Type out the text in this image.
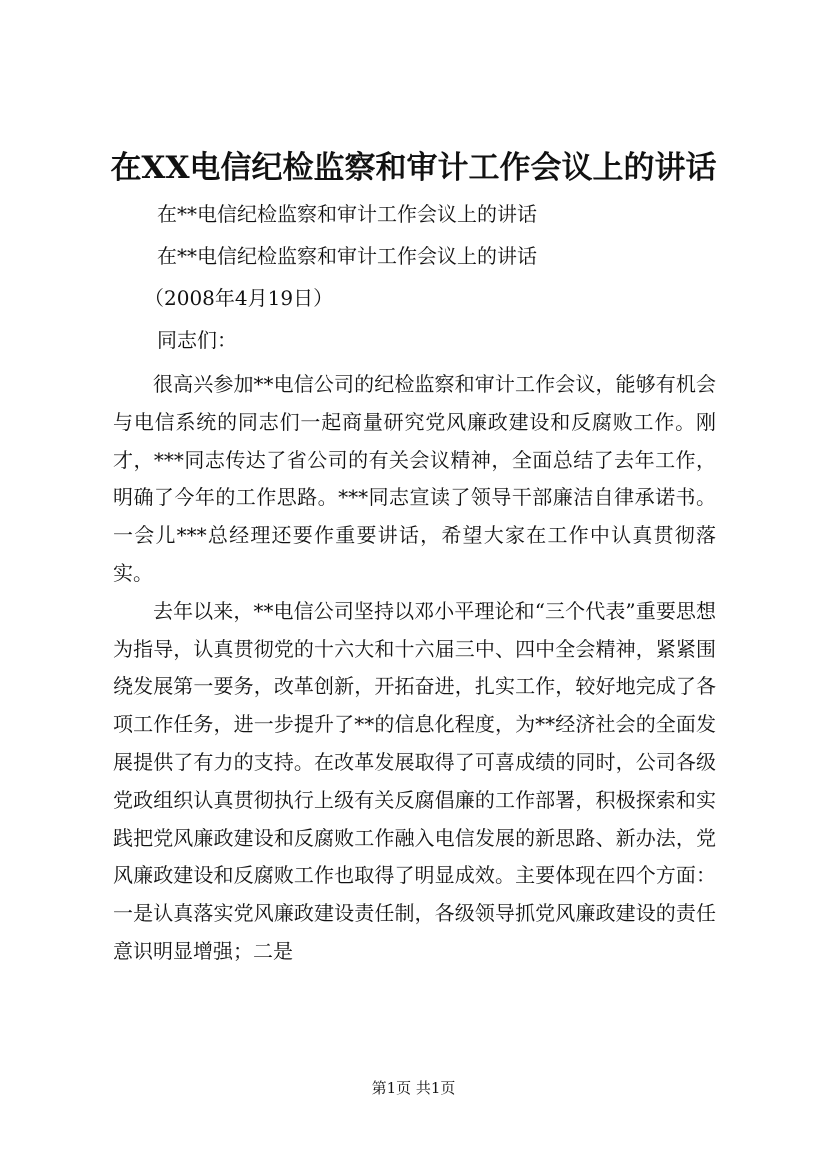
在XX电信纪检监察和审计工作会议上的讲话
在**电信纪检监察和审计工作会议上的讲话
在**电信纪检监察和审计工作会议上的讲话
（2008年4月19日）
同志们：

很高兴参加**电信公司的纪检监察和审计工作会议，能够有机会与电信系统的同志们一起商量研究党风廉政建设和反腐败工作。刚才，***同志传达了省公司的有关会议精神，全面总结了去年工作，明确了今年的工作思路。***同志宣读了领导干部廉洁自律承诺书。一会儿***总经理还要作重要讲话，希望大家在工作中认真贯彻落实。

去年以来，**电信公司坚持以邓小平理论和“三个代表”重要思想为指导，认真贯彻党的十六大和十六届三中、四中全会精神，紧紧围绕发展第一要务，改革创新，开拓奋进，扎实工作，较好地完成了各项工作任务，进一步提升了**的信息化程度，为**经济社会的全面发展提供了有力的支持。在改革发展取得了可喜成绩的同时，公司各级党政组织认真贯彻执行上级有关反腐倡廉的工作部署，积极探索和实践把党风廉政建设和反腐败工作融入电信发展的新思路、新办法，党风廉政建设和反腐败工作也取得了明显成效。主要体现在四个方面：一是认真落实党风廉政建设责任制，各级领导抓党风廉政建设的责任意识明显增强；二是

第1页 共1页
